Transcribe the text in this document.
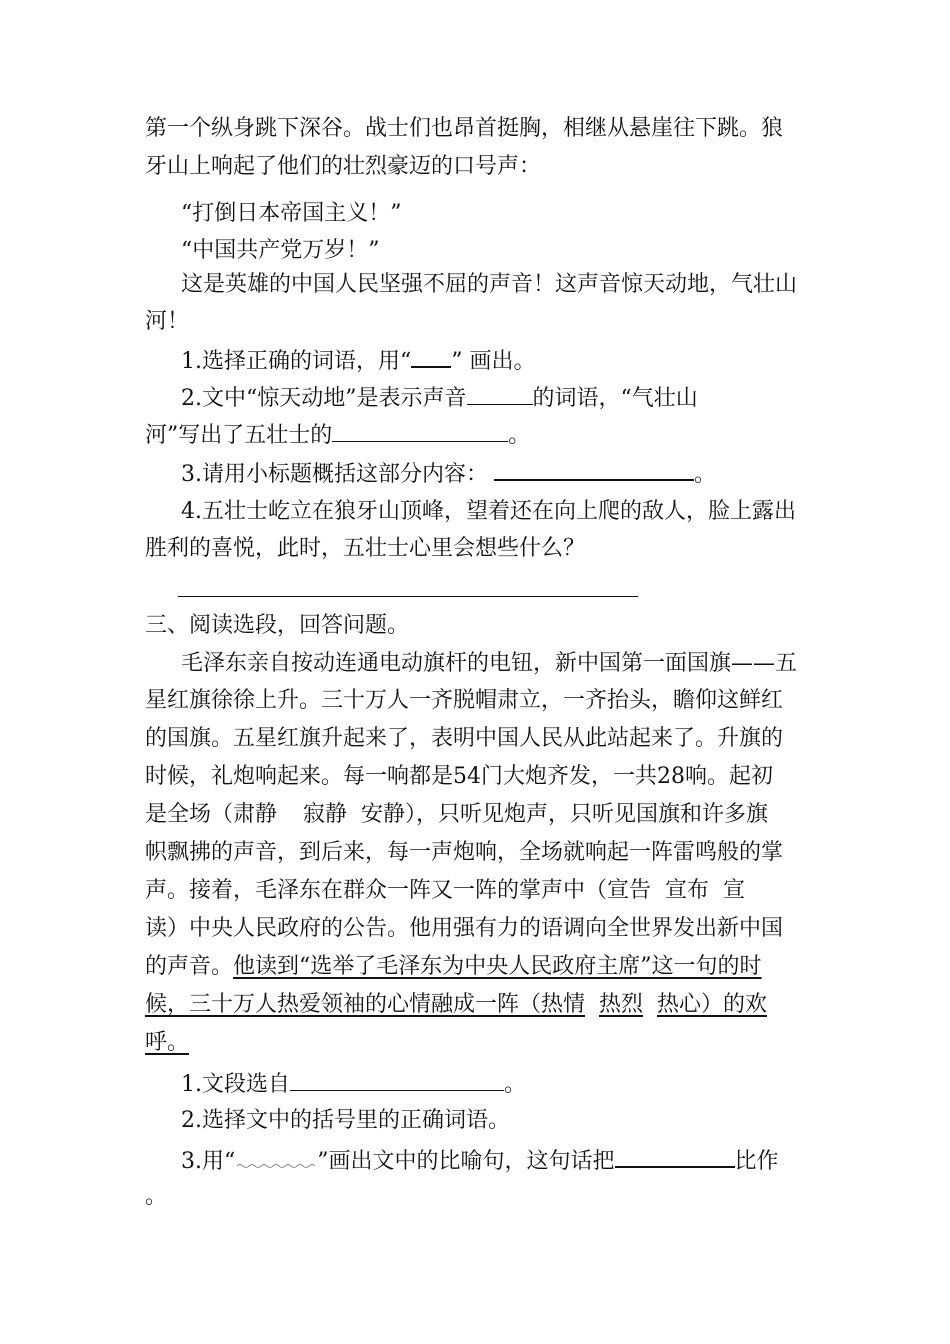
第一个纵身跳下深谷。战士们也昂首挺胸，相继从悬崖往下跳。狼
牙山上响起了他们的壮烈豪迈的口号声：
“打倒日本帝国主义！”
“中国共产党万岁！”
这是英雄的中国人民坚强不屈的声音！这声音惊天动地，气壮山
河！
1.选择正确的词语，用“ ” 画出。
2.文中“惊天动地”是表示声音	的词语，“气壮山
河”写出了五壮士的	。
3.请用小标题概括这部分内容：	。
4.五壮士屹立在狼牙山顶峰，望着还在向上爬的敌人，脸上露出
胜利的喜悦，此时，五壮士心里会想些什么？
三、阅读选段，回答问题。
毛泽东亲自按动连通电动旗杆的电钮，新中国第一面国旗——五
星红旗徐徐上升。三十万人一齐脱帽肃立，一齐抬头，瞻仰这鲜红
的国旗。五星红旗升起来了，表明中国人民从此站起来了。升旗的
时候，礼炮响起来。每一响都是54门大炮齐发，一共28响。起初
是全场（肃静 寂静 安静），只听见炮声，只听见国旗和许多旗
帜飘拂的声音，到后来，每一声炮响，全场就响起一阵雷鸣般的掌
声。接着，毛泽东在群众一阵又一阵的掌声中（宣告 宣布 宣
读）中央人民政府的公告。他用强有力的语调向全世界发出新中国
的声音。他读到“选举了毛泽东为中央人民政府主席”这一句的时
候，三十万人热爱领袖的心情融成一阵（热情 热烈 热心）的欢
呼。
1.文段选自	。
2.选择文中的括号里的正确词语。
3.用“	”画出文中的比喻句，这句话把	比作
。
